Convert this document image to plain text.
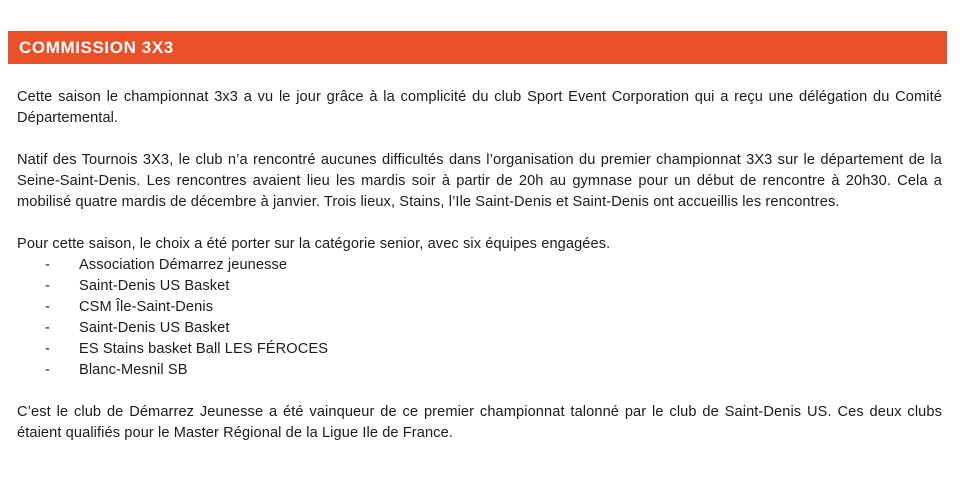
COMMISSION 3X3

Cette saison le championnat 3x3 a vu le jour grâce à la complicité du club Sport Event Corporation qui a reçu une délégation du Comité Départemental.

Natif des Tournois 3X3, le club n’a rencontré aucunes difficultés dans l’organisation du premier championnat 3X3 sur le département de la Seine-Saint-Denis. Les rencontres avaient lieu les mardis soir à partir de 20h au gymnase pour un début de rencontre à 20h30. Cela a mobilisé quatre mardis de décembre à janvier. Trois lieux, Stains, l’Ile Saint-Denis et Saint-Denis ont accueillis les rencontres.

Pour cette saison, le choix a été porter sur la catégorie senior, avec six équipes engagées.

-	Association Démarrez jeunesse
-	Saint-Denis US Basket
-	CSM Île-Saint-Denis
-	Saint-Denis US Basket
-	ES Stains basket Ball LES FÉROCES
-	Blanc-Mesnil SB

C’est le club de Démarrez Jeunesse a été vainqueur de ce premier championnat talonné par le club de Saint-Denis US. Ces deux clubs étaient qualifiés pour le Master Régional de la Ligue Ile de France.
